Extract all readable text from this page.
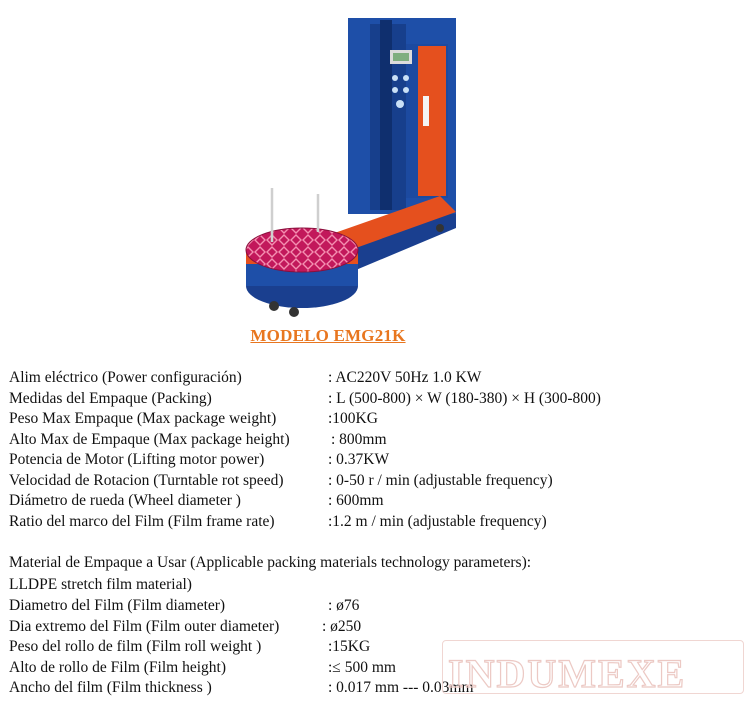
MODELO EMG21K
Alim eléctrico (Power configuración)	: AC220V 50Hz 1.0 KW
Medidas del Empaque (Packing)	: L (500-800) × W (180-380) × H (300-800)
Peso Max Empaque (Max package weight)	:100KG
Alto Max de Empaque (Max package height)	: 800mm
Potencia de Motor (Lifting motor power)	: 0.37KW
Velocidad de Rotacion (Turntable rot speed)	: 0-50 r / min (adjustable frequency)
Diámetro de rueda (Wheel diameter )	: 600mm
Ratio del marco del Film (Film frame rate)	:1.2 m / min (adjustable frequency)
Material de Empaque a Usar (Applicable packing materials technology parameters):
LLDPE stretch film material)
Diametro del Film (Film diameter)	: ø76
Dia extremo del Film (Film outer diameter)	: ø250
Peso del rollo de film (Film roll weight )	:15KG
Alto de rollo de Film (Film height)	:≤ 500 mm
Ancho del film (Film thickness )	: 0.017 mm --- 0.03mm
INDUMEXE
